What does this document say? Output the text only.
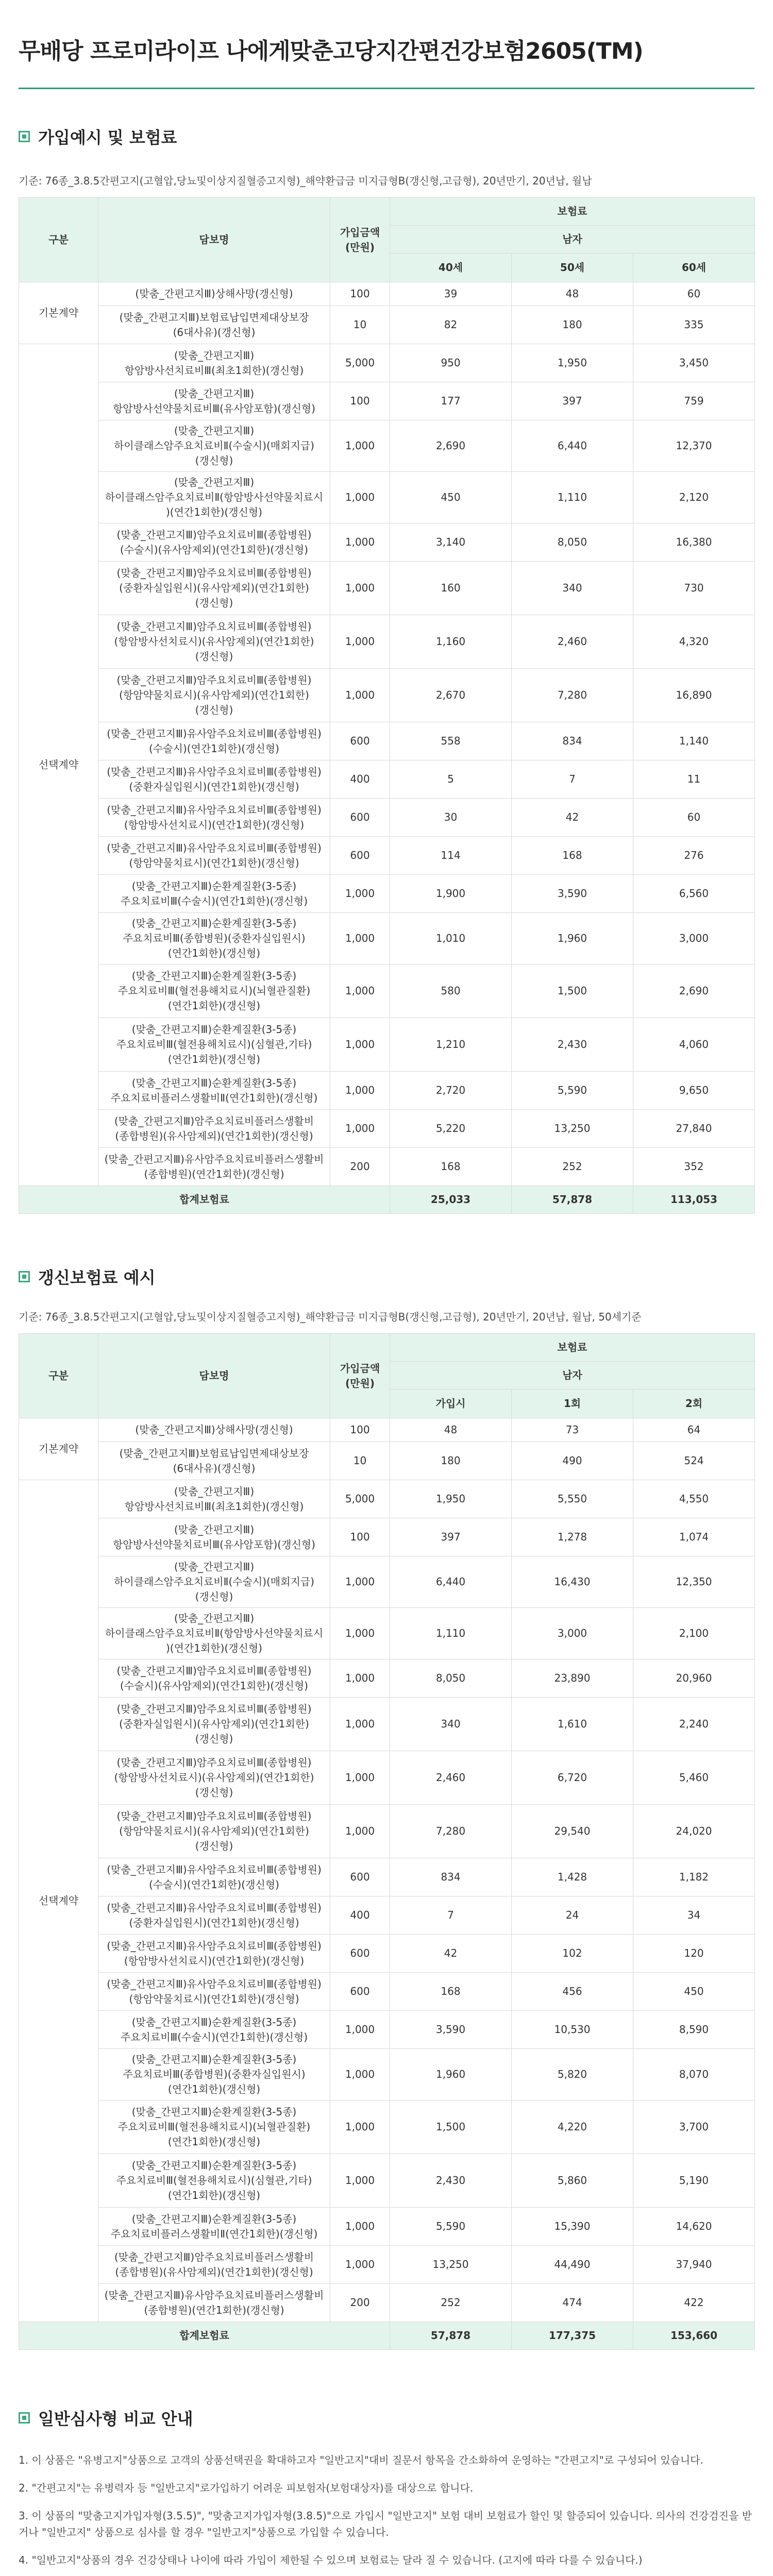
무배당 프로미라이프 나에게맞춘고당지간편건강보험2605(TM)
가입예시 및 보험료

기준: 76종_3.8.5간편고지(고혈압,당뇨및이상지질혈증고지형)_해약환급금 미지급형B(갱신형,고급형), 20년만기, 20년납, 월납

구분	담보명	가입금액(만원)	보험료		
			남자		
			40세	50세	60세
기본계약	(맞춤_간편고지Ⅲ)상해사망(갱신형)	100	39	48	60
	(맞춤_간편고지Ⅲ)보험료납입면제대상보장(6대사유)(갱신형)	10	82	180	335
선택계약	(맞춤_간편고지Ⅲ)항암방사선치료비Ⅲ(최초1회한)(갱신형)	5,000	950	1,950	3,450
	(맞춤_간편고지Ⅲ)항암방사선약물치료비Ⅲ(유사암포함)(갱신형)	100	177	397	759
	(맞춤_간편고지Ⅲ)하이클래스암주요치료비Ⅱ(수술시)(매회지급)(갱신형)	1,000	2,690	6,440	12,370
	(맞춤_간편고지Ⅲ)하이클래스암주요치료비Ⅱ(항암방사선약물치료시)(연간1회한)(갱신형)	1,000	450	1,110	2,120
	(맞춤_간편고지Ⅲ)암주요치료비Ⅲ(종합병원)(수술시)(유사암제외)(연간1회한)(갱신형)	1,000	3,140	8,050	16,380
	(맞춤_간편고지Ⅲ)암주요치료비Ⅲ(종합병원)(중환자실입원시)(유사암제외)(연간1회한)(갱신형)	1,000	160	340	730
	(맞춤_간편고지Ⅲ)암주요치료비Ⅲ(종합병원)(항암방사선치료시)(유사암제외)(연간1회한)(갱신형)	1,000	1,160	2,460	4,320
	(맞춤_간편고지Ⅲ)암주요치료비Ⅲ(종합병원)(항암약물치료시)(유사암제외)(연간1회한)(갱신형)	1,000	2,670	7,280	16,890
	(맞춤_간편고지Ⅲ)유사암주요치료비Ⅲ(종합병원)(수술시)(연간1회한)(갱신형)	600	558	834	1,140
	(맞춤_간편고지Ⅲ)유사암주요치료비Ⅲ(종합병원)(중환자실입원시)(연간1회한)(갱신형)	400	5	7	11
	(맞춤_간편고지Ⅲ)유사암주요치료비Ⅲ(종합병원)(항암방사선치료시)(연간1회한)(갱신형)	600	30	42	60
	(맞춤_간편고지Ⅲ)유사암주요치료비Ⅲ(종합병원)(항암약물치료시)(연간1회한)(갱신형)	600	114	168	276
	(맞춤_간편고지Ⅲ)순환계질환(3-5종)주요치료비Ⅲ(수술시)(연간1회한)(갱신형)	1,000	1,900	3,590	6,560
	(맞춤_간편고지Ⅲ)순환계질환(3-5종)주요치료비Ⅲ(종합병원)(중환자실입원시)(연간1회한)(갱신형)	1,000	1,010	1,960	3,000
	(맞춤_간편고지Ⅲ)순환계질환(3-5종)주요치료비Ⅲ(혈전용해치료시)(뇌혈관질환)(연간1회한)(갱신형)	1,000	580	1,500	2,690
	(맞춤_간편고지Ⅲ)순환계질환(3-5종)주요치료비Ⅲ(혈전용해치료시)(심혈관,기타)(연간1회한)(갱신형)	1,000	1,210	2,430	4,060
	(맞춤_간편고지Ⅲ)순환계질환(3-5종)주요치료비플러스생활비Ⅱ(연간1회한)(갱신형)	1,000	2,720	5,590	9,650
	(맞춤_간편고지Ⅲ)암주요치료비플러스생활비(종합병원)(유사암제외)(연간1회한)(갱신형)	1,000	5,220	13,250	27,840
	(맞춤_간편고지Ⅲ)유사암주요치료비플러스생활비(종합병원)(연간1회한)(갱신형)	200	168	252	352
합계보험료			25,033	57,878	113,053
갱신보험료 예시

기준: 76종_3.8.5간편고지(고혈압,당뇨및이상지질혈증고지형)_해약환급금 미지급형B(갱신형,고급형), 20년만기, 20년납, 월납, 50세기준

구분	담보명	가입금액(만원)	보험료		
			남자		
			가입시	1회	2회
기본계약	(맞춤_간편고지Ⅲ)상해사망(갱신형)	100	48	73	64
	(맞춤_간편고지Ⅲ)보험료납입면제대상보장(6대사유)(갱신형)	10	180	490	524
선택계약	(맞춤_간편고지Ⅲ)항암방사선치료비Ⅲ(최초1회한)(갱신형)	5,000	1,950	5,550	4,550
	(맞춤_간편고지Ⅲ)항암방사선약물치료비Ⅲ(유사암포함)(갱신형)	100	397	1,278	1,074
	(맞춤_간편고지Ⅲ)하이클래스암주요치료비Ⅱ(수술시)(매회지급)(갱신형)	1,000	6,440	16,430	12,350
	(맞춤_간편고지Ⅲ)하이클래스암주요치료비Ⅱ(항암방사선약물치료시)(연간1회한)(갱신형)	1,000	1,110	3,000	2,100
	(맞춤_간편고지Ⅲ)암주요치료비Ⅲ(종합병원)(수술시)(유사암제외)(연간1회한)(갱신형)	1,000	8,050	23,890	20,960
	(맞춤_간편고지Ⅲ)암주요치료비Ⅲ(종합병원)(중환자실입원시)(유사암제외)(연간1회한)(갱신형)	1,000	340	1,610	2,240
	(맞춤_간편고지Ⅲ)암주요치료비Ⅲ(종합병원)(항암방사선치료시)(유사암제외)(연간1회한)(갱신형)	1,000	2,460	6,720	5,460
	(맞춤_간편고지Ⅲ)암주요치료비Ⅲ(종합병원)(항암약물치료시)(유사암제외)(연간1회한)(갱신형)	1,000	7,280	29,540	24,020
	(맞춤_간편고지Ⅲ)유사암주요치료비Ⅲ(종합병원)(수술시)(연간1회한)(갱신형)	600	834	1,428	1,182
	(맞춤_간편고지Ⅲ)유사암주요치료비Ⅲ(종합병원)(중환자실입원시)(연간1회한)(갱신형)	400	7	24	34
	(맞춤_간편고지Ⅲ)유사암주요치료비Ⅲ(종합병원)(항암방사선치료시)(연간1회한)(갱신형)	600	42	102	120
	(맞춤_간편고지Ⅲ)유사암주요치료비Ⅲ(종합병원)(항암약물치료시)(연간1회한)(갱신형)	600	168	456	450
	(맞춤_간편고지Ⅲ)순환계질환(3-5종)주요치료비Ⅲ(수술시)(연간1회한)(갱신형)	1,000	3,590	10,530	8,590
	(맞춤_간편고지Ⅲ)순환계질환(3-5종)주요치료비Ⅲ(종합병원)(중환자실입원시)(연간1회한)(갱신형)	1,000	1,960	5,820	8,070
	(맞춤_간편고지Ⅲ)순환계질환(3-5종)주요치료비Ⅲ(혈전용해치료시)(뇌혈관질환)(연간1회한)(갱신형)	1,000	1,500	4,220	3,700
	(맞춤_간편고지Ⅲ)순환계질환(3-5종)주요치료비Ⅲ(혈전용해치료시)(심혈관,기타)(연간1회한)(갱신형)	1,000	2,430	5,860	5,190
	(맞춤_간편고지Ⅲ)순환계질환(3-5종)주요치료비플러스생활비Ⅱ(연간1회한)(갱신형)	1,000	5,590	15,390	14,620
	(맞춤_간편고지Ⅲ)암주요치료비플러스생활비(종합병원)(유사암제외)(연간1회한)(갱신형)	1,000	13,250	44,490	37,940
	(맞춤_간편고지Ⅲ)유사암주요치료비플러스생활비(종합병원)(연간1회한)(갱신형)	200	252	474	422
합계보험료			57,878	177,375	153,660
일반심사형 비교 안내
1. 이 상품은 "유병고지"상품으로 고객의 상품선택권을 확대하고자 "일반고지"대비 질문서 항목을 간소화하여 운영하는 "간편고지"로 구성되어 있습니다.
2. "간편고지"는 유병력자 등 "일반고지"로가입하기 어려운 피보험자(보험대상자)를 대상으로 합니다.
3. 이 상품의 "맞춤고지가입자형(3.5.5)", "맞춤고지가입자형(3.8.5)"으로 가입시 "일반고지" 보험 대비 보험료가 할인 및 할증되어 있습니다. 의사의 건강검진을 받거나 "일반고지" 상품으로 심사를 할 경우 "일반고지"상품으로 가입할 수 있습니다.
4. "일반고지"상품의 경우 건강상태나 나이에 따라 가입이 제한될 수 있으며 보험료는 달라 질 수 있습니다. (고지에 따라 다를 수 있습니다.)
